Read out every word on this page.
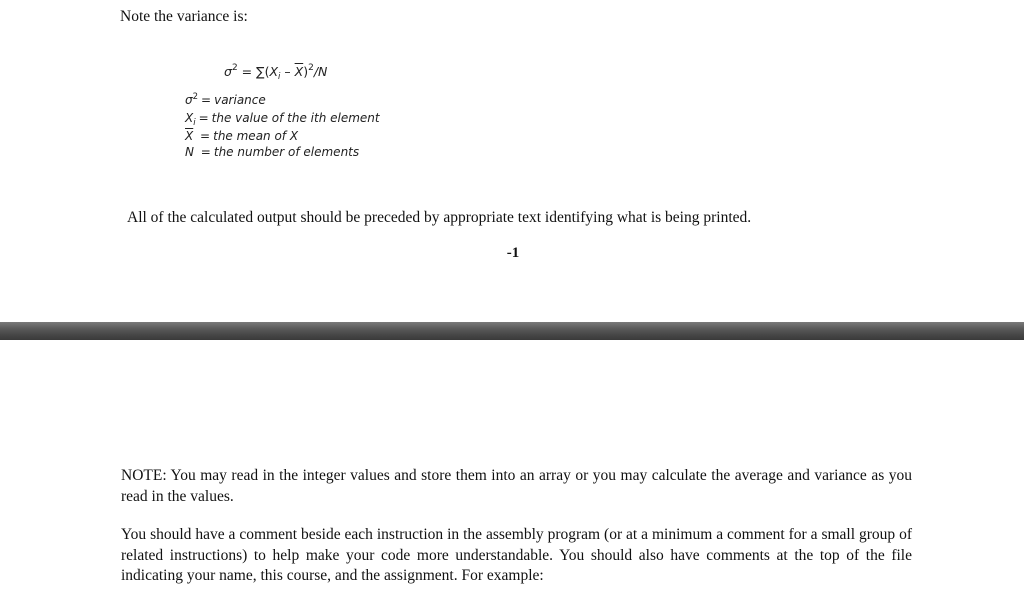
Note the variance is:
$\sigma^2 = \sum(X_i - \overline{X})^2/N$
$\sigma^2$ = variance
$X_i$ = the value of the ith element
$\overline{X}$ = the mean of X
N = the number of elements
All of the calculated output should be preceded by appropriate text identifying what is being printed.
-1
NOTE: You may read in the integer values and store them into an array or you may calculate the average and variance as you read in the values.
You should have a comment beside each instruction in the assembly program (or at a minimum a comment for a small group of related instructions) to help make your code more understandable. You should also have comments at the top of the file indicating your name, this course, and the assignment. For example:
